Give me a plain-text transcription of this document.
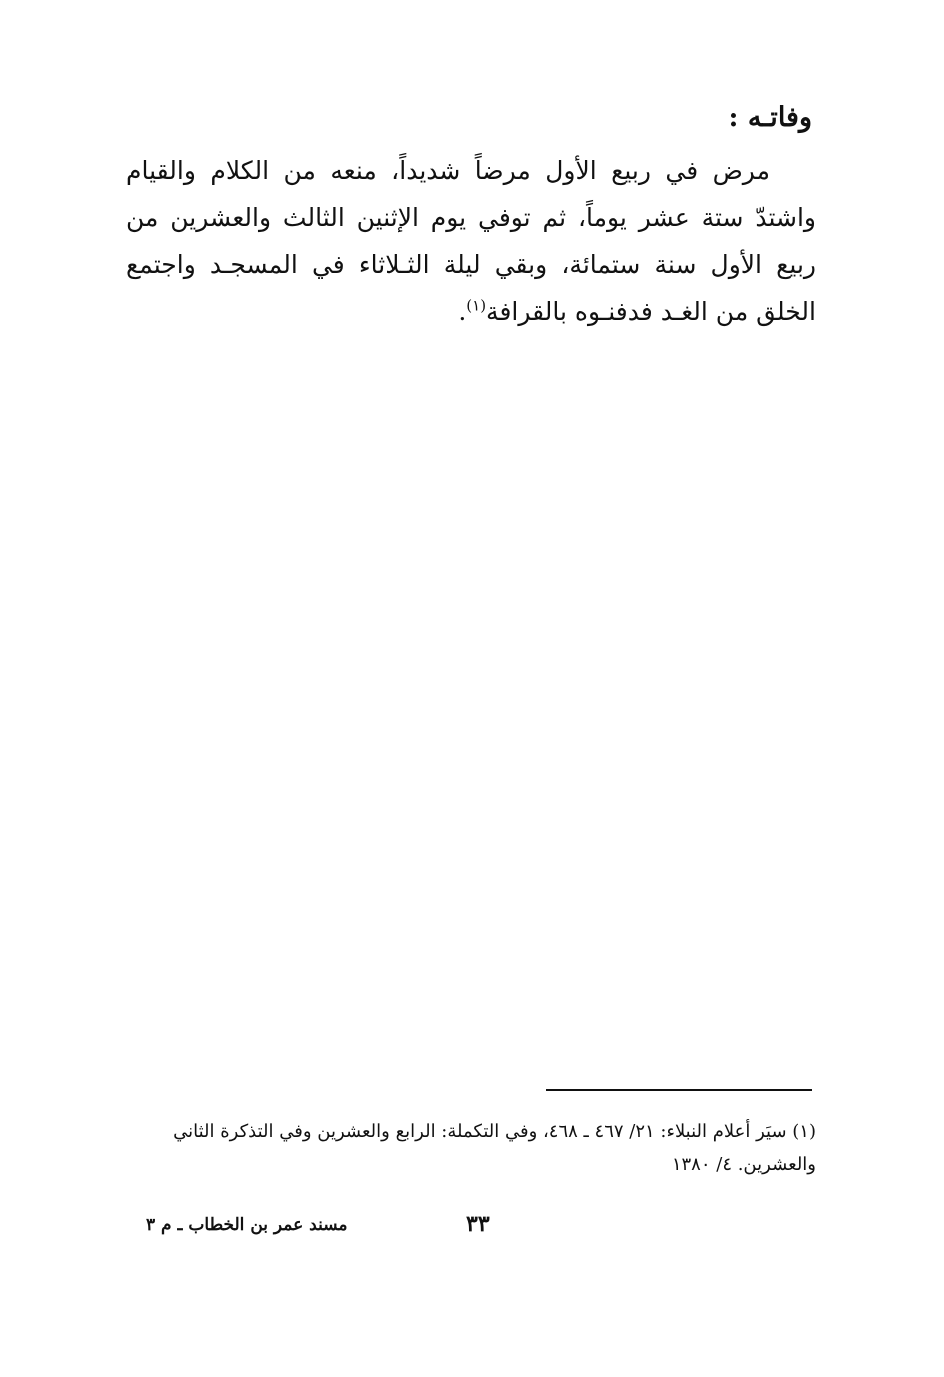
وفاتـه :

مرض في ربيع الأول مرضاً شديداً، منعه من الكلام والقيام واشتدّ ستة عشر يوماً، ثم توفي يوم الإثنين الثالث والعشرين من ربيع الأول سنة ستمائة، وبقي ليلة الثـلاثاء في المسجـد واجتمع الخلق من الغـد فدفنـوه بالقرافة$^{(١)}$.

(١) سيَر أعلام النبلاء: ٢١/ ٤٦٧ ـ ٤٦٨، وفي التكملة: الرابع والعشرين وفي التذكرة الثاني
والعشرين. ٤/ ١٣٨٠

٣٣
مسند عمر بن الخطاب ـ م ٣
